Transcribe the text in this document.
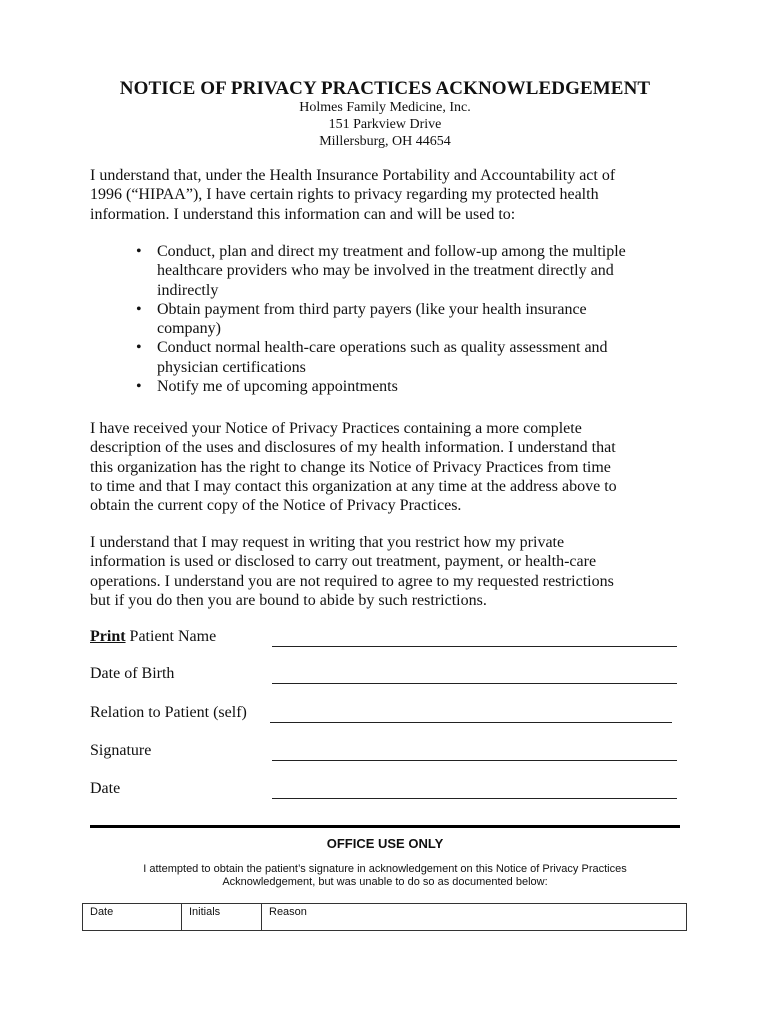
NOTICE OF PRIVACY PRACTICES ACKNOWLEDGEMENT
Holmes Family Medicine, Inc.
151 Parkview Drive
Millersburg, OH 44654
I understand that, under the Health Insurance Portability and Accountability act of
1996 (“HIPAA”), I have certain rights to privacy regarding my protected health
information. I understand this information can and will be used to:
• Conduct, plan and direct my treatment and follow-up among the multiple
healthcare providers who may be involved in the treatment directly and
indirectly
• Obtain payment from third party payers (like your health insurance
company)
• Conduct normal health-care operations such as quality assessment and
physician certifications
• Notify me of upcoming appointments
I have received your Notice of Privacy Practices containing a more complete
description of the uses and disclosures of my health information. I understand that
this organization has the right to change its Notice of Privacy Practices from time
to time and that I may contact this organization at any time at the address above to
obtain the current copy of the Notice of Privacy Practices.
I understand that I may request in writing that you restrict how my private
information is used or disclosed to carry out treatment, payment, or health-care
operations. I understand you are not required to agree to my requested restrictions
but if you do then you are bound to abide by such restrictions.
Print Patient Name
Date of Birth
Relation to Patient (self)
Signature
Date
OFFICE USE ONLY
I attempted to obtain the patient’s signature in acknowledgement on this Notice of Privacy Practices
Acknowledgement, but was unable to do so as documented below:
Date	Initials	Reason
